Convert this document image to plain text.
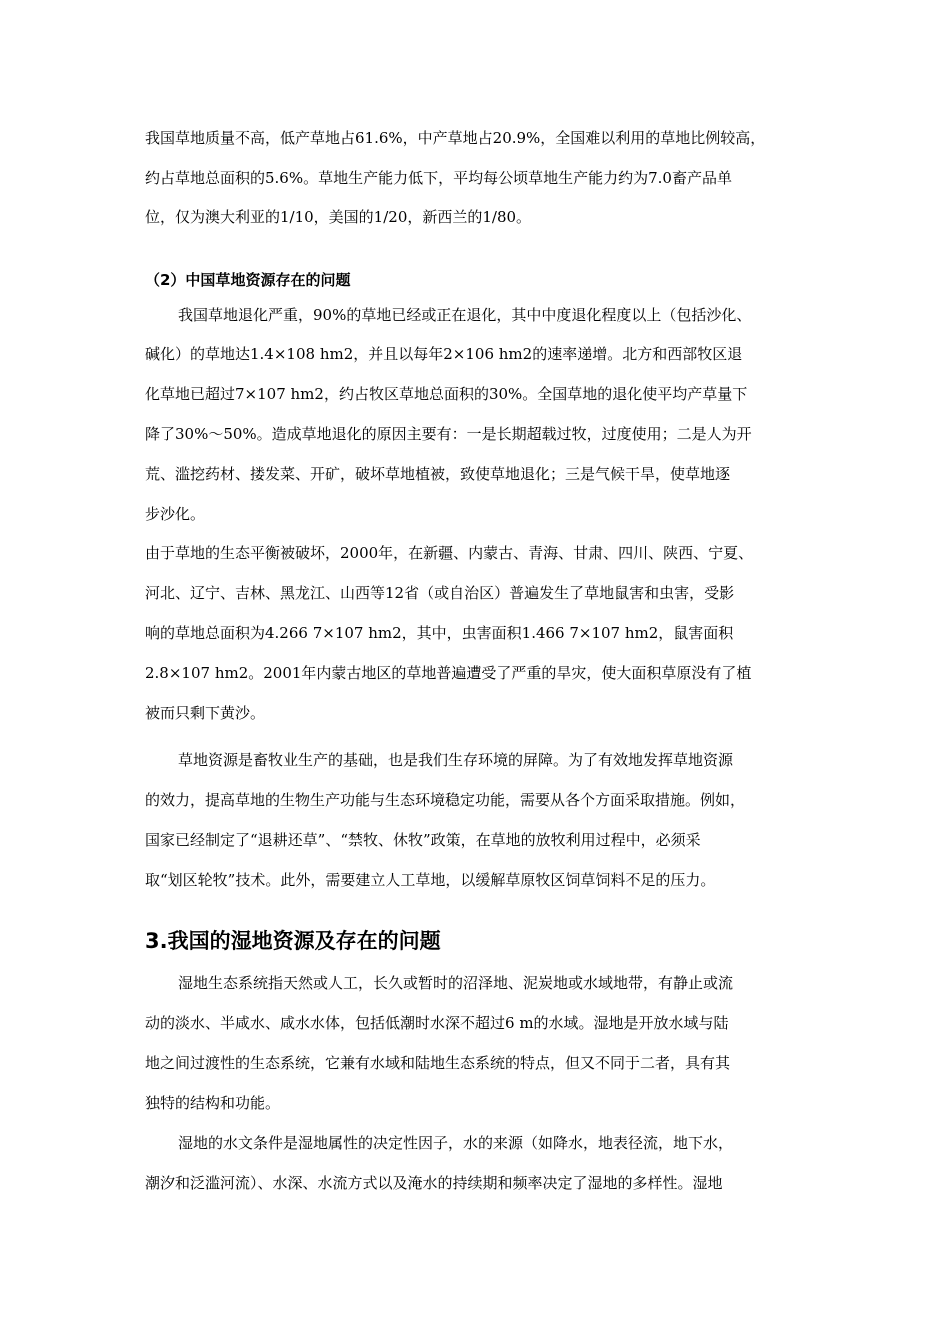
我国草地质量不高，低产草地占61.6%，中产草地占20.9%，全国难以利用的草地比例较高，
约占草地总面积的5.6%。草地生产能力低下，平均每公顷草地生产能力约为7.0畜产品单
位，仅为澳大利亚的1/10，美国的1/20，新西兰的1/80。
（2）中国草地资源存在的问题
我国草地退化严重，90%的草地已经或正在退化，其中中度退化程度以上（包括沙化、
碱化）的草地达1.4×108 hm2，并且以每年2×106 hm2的速率递增。北方和西部牧区退
化草地已超过7×107 hm2，约占牧区草地总面积的30%。全国草地的退化使平均产草量下
降了30%～50%。造成草地退化的原因主要有：一是长期超载过牧，过度使用；二是人为开
荒、滥挖药材、搂发菜、开矿，破坏草地植被，致使草地退化；三是气候干旱，使草地逐
步沙化。
由于草地的生态平衡被破坏，2000年，在新疆、内蒙古、青海、甘肃、四川、陕西、宁夏、
河北、辽宁、吉林、黑龙江、山西等12省（或自治区）普遍发生了草地鼠害和虫害，受影
响的草地总面积为4.266 7×107 hm2，其中，虫害面积1.466 7×107 hm2，鼠害面积
2.8×107 hm2。2001年内蒙古地区的草地普遍遭受了严重的旱灾，使大面积草原没有了植
被而只剩下黄沙。
草地资源是畜牧业生产的基础，也是我们生存环境的屏障。为了有效地发挥草地资源
的效力，提高草地的生物生产功能与生态环境稳定功能，需要从各个方面采取措施。例如，
国家已经制定了“退耕还草”、“禁牧、休牧”政策，在草地的放牧利用过程中，必须采
取“划区轮牧”技术。此外，需要建立人工草地，以缓解草原牧区饲草饲料不足的压力。
3.我国的湿地资源及存在的问题
湿地生态系统指天然或人工，长久或暂时的沼泽地、泥炭地或水域地带，有静止或流
动的淡水、半咸水、咸水水体，包括低潮时水深不超过6 m的水域。湿地是开放水域与陆
地之间过渡性的生态系统，它兼有水域和陆地生态系统的特点，但又不同于二者，具有其
独特的结构和功能。
湿地的水文条件是湿地属性的决定性因子，水的来源（如降水，地表径流，地下水，
潮汐和泛滥河流）、水深、水流方式以及淹水的持续期和频率决定了湿地的多样性。湿地
